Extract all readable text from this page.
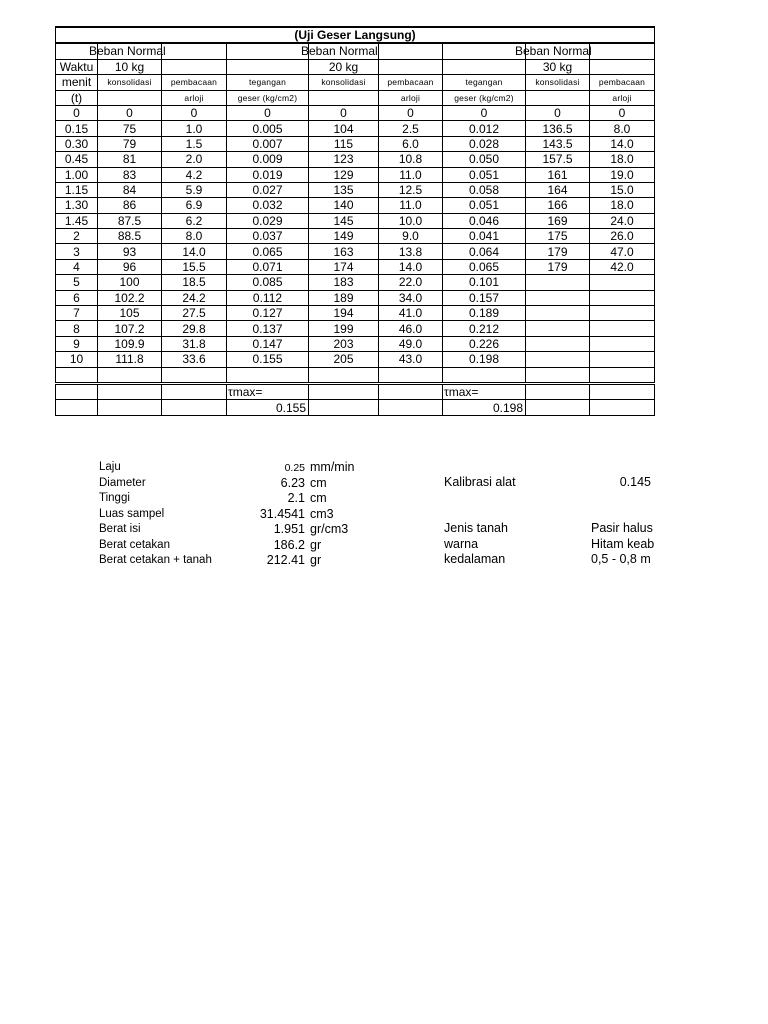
(Uji Geser Langsung)								

Beban Normal			Beban Normal			Beban Normal		

Waktu	10 kg			20 kg			30 kg	
menit	konsolidasi	pembacaan	tegangan	konsolidasi	pembacaan	tegangan	konsolidasi	pembacaan
(t)		arloji	geser (kg/cm2)		arloji	geser (kg/cm2)		arloji
0	0	0	0	0	0	0	0	0
0.15	75	1.0	0.005	104	2.5	0.012	136.5	8.0
0.30	79	1.5	0.007	115	6.0	0.028	143.5	14.0
0.45	81	2.0	0.009	123	10.8	0.050	157.5	18.0
1.00	83	4.2	0.019	129	11.0	0.051	161	19.0
1.15	84	5.9	0.027	135	12.5	0.058	164	15.0
1.30	86	6.9	0.032	140	11.0	0.051	166	18.0
1.45	87.5	6.2	0.029	145	10.0	0.046	169	24.0
2	88.5	8.0	0.037	149	9.0	0.041	175	26.0
3	93	14.0	0.065	163	13.8	0.064	179	47.0
4	96	15.5	0.071	174	14.0	0.065	179	42.0
5	100	18.5	0.085	183	22.0	0.101		
6	102.2	24.2	0.112	189	34.0	0.157		
7	105	27.5	0.127	194	41.0	0.189		
8	107.2	29.8	0.137	199	46.0	0.212		
9	109.9	31.8	0.147	203	49.0	0.226		
10	111.8	33.6	0.155	205	43.0	0.198		

			τmax=			τmax=		
			0.155			0.198		
Laju	0.25 mm/min
Diameter	6.23 cm
Tinggi	2.1 cm
Luas sampel	31.4541 cm3
Berat isi	1.951 gr/cm3
Berat cetakan	186.2 gr
Berat cetakan + tanah	212.41 gr
Kalibrasi alat	0.145
Jenis tanah	Pasir halus
warna	Hitam keab
kedalaman	0,5 - 0,8 m
